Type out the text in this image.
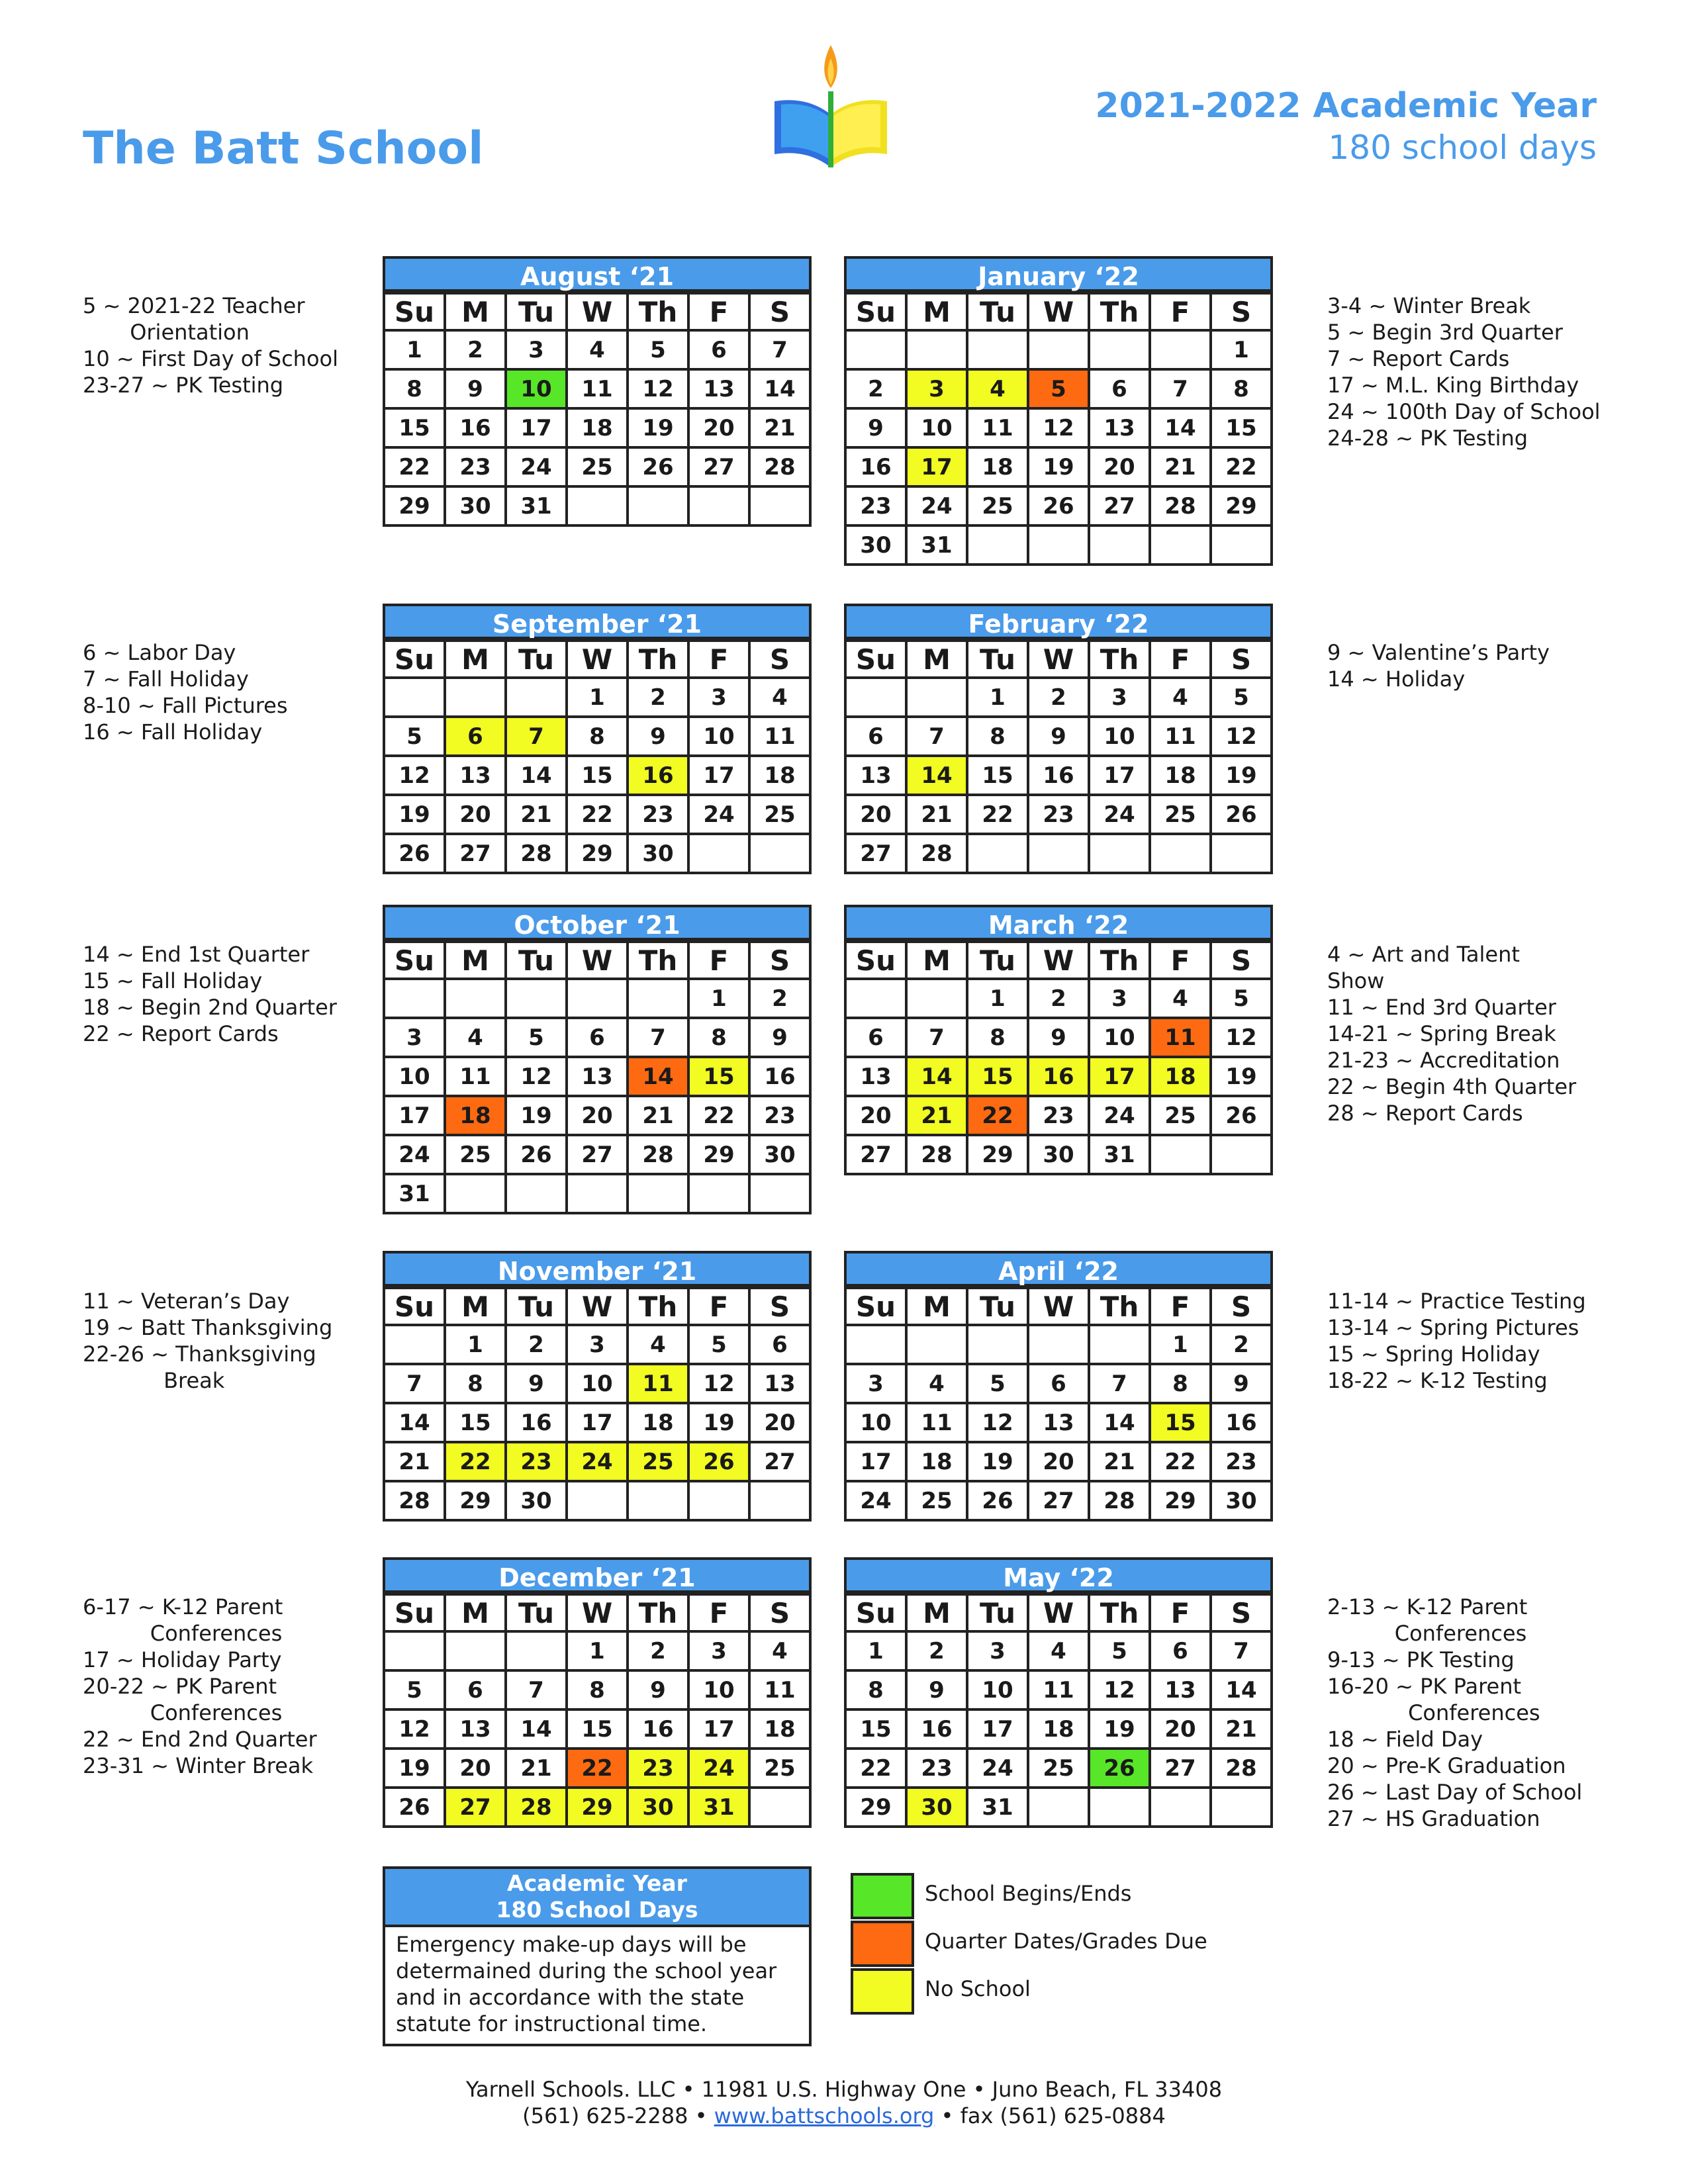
The Batt School
2021-2022 Academic Year
180 school days
August ‘21
Su	M	Tu	W	Th	F	S
1	2	3	4	5	6	7
8	9	10	11	12	13	14
15	16	17	18	19	20	21
22	23	24	25	26	27	28
29	30	31				
January ‘22
Su	M	Tu	W	Th	F	S
						1
2	3	4	5	6	7	8
9	10	11	12	13	14	15
16	17	18	19	20	21	22
23	24	25	26	27	28	29
30	31					
September ‘21
Su	M	Tu	W	Th	F	S
			1	2	3	4
5	6	7	8	9	10	11
12	13	14	15	16	17	18
19	20	21	22	23	24	25
26	27	28	29	30		
February ‘22
Su	M	Tu	W	Th	F	S
		1	2	3	4	5
6	7	8	9	10	11	12
13	14	15	16	17	18	19
20	21	22	23	24	25	26
27	28					
October ‘21
Su	M	Tu	W	Th	F	S
					1	2
3	4	5	6	7	8	9
10	11	12	13	14	15	16
17	18	19	20	21	22	23
24	25	26	27	28	29	30
31						
March ‘22
Su	M	Tu	W	Th	F	S
		1	2	3	4	5
6	7	8	9	10	11	12
13	14	15	16	17	18	19
20	21	22	23	24	25	26
27	28	29	30	31		
November ‘21
Su	M	Tu	W	Th	F	S
	1	2	3	4	5	6
7	8	9	10	11	12	13
14	15	16	17	18	19	20
21	22	23	24	25	26	27
28	29	30				
April ‘22
Su	M	Tu	W	Th	F	S
					1	2
3	4	5	6	7	8	9
10	11	12	13	14	15	16
17	18	19	20	21	22	23
24	25	26	27	28	29	30
December ‘21
Su	M	Tu	W	Th	F	S
			1	2	3	4
5	6	7	8	9	10	11
12	13	14	15	16	17	18
19	20	21	22	23	24	25
26	27	28	29	30	31	
May ‘22
Su	M	Tu	W	Th	F	S
1	2	3	4	5	6	7
8	9	10	11	12	13	14
15	16	17	18	19	20	21
22	23	24	25	26	27	28
29	30	31				
5 ~ 2021-22 Teacher
Orientation
10 ~ First Day of School
23-27 ~ PK Testing
3-4 ~ Winter Break
5 ~ Begin 3rd Quarter
7 ~ Report Cards
17 ~ M.L. King Birthday
24 ~ 100th Day of School
24-28 ~ PK Testing
6 ~ Labor Day
7 ~ Fall Holiday
8-10 ~ Fall Pictures
16 ~ Fall Holiday
9 ~ Valentine’s Party
14 ~ Holiday
14 ~ End 1st Quarter
15 ~ Fall Holiday
18 ~ Begin 2nd Quarter
22 ~ Report Cards
4 ~ Art and Talent
Show
11 ~ End 3rd Quarter
14-21 ~ Spring Break
21-23 ~ Accreditation
22 ~ Begin 4th Quarter
28 ~ Report Cards
11 ~ Veteran’s Day
19 ~ Batt Thanksgiving
22-26 ~ Thanksgiving
Break
11-14 ~ Practice Testing
13-14 ~ Spring Pictures
15 ~ Spring Holiday
18-22 ~ K-12 Testing
6-17 ~ K-12 Parent
Conferences
17 ~ Holiday Party
20-22 ~ PK Parent
Conferences
22 ~ End 2nd Quarter
23-31 ~ Winter Break
2-13 ~ K-12 Parent
Conferences
9-13 ~ PK Testing
16-20 ~ PK Parent
Conferences
18 ~ Field Day
20 ~ Pre-K Graduation
26 ~ Last Day of School
27 ~ HS Graduation
Academic Year
180 School Days
Emergency make-up days will be determained during the school year and in accordance with the state statute for instructional time.
School Begins/Ends
Quarter Dates/Grades Due
No School
Yarnell Schools. LLC • 11981 U.S. Highway One • Juno Beach, FL 33408
(561) 625-2288 • www.battschools.org • fax (561) 625-0884
